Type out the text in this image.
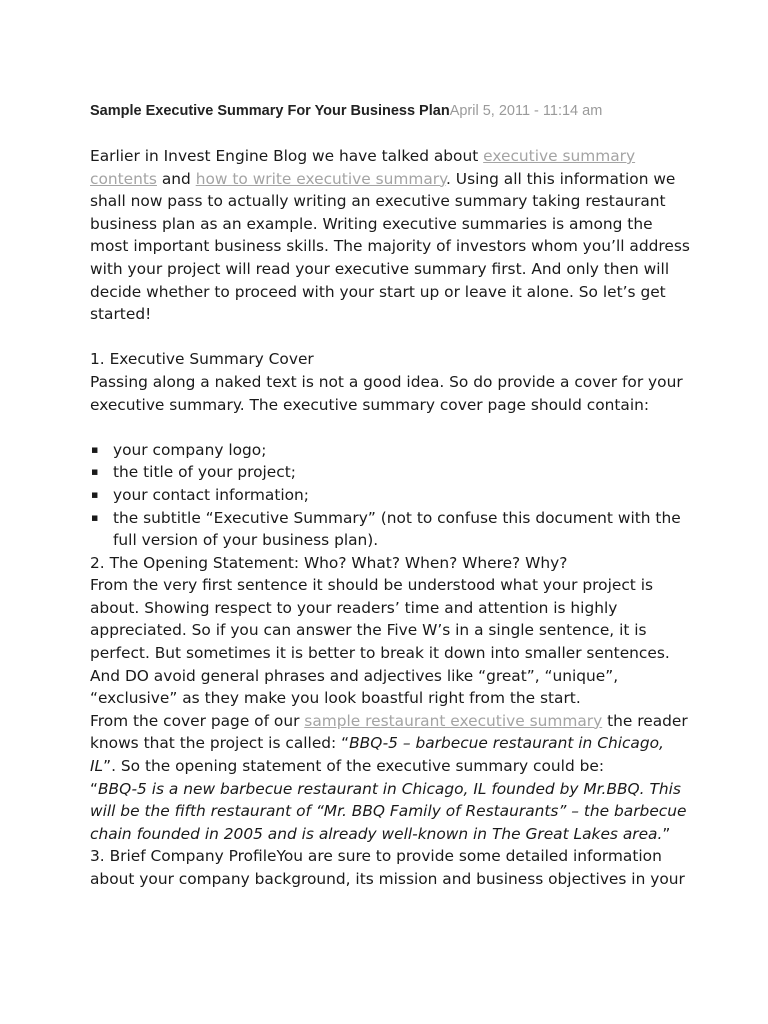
Sample Executive Summary For Your Business PlanApril 5, 2011 - 11:14 am

Earlier in Invest Engine Blog we have talked about executive summary contents and how to write executive summary. Using all this information we shall now pass to actually writing an executive summary taking restaurant business plan as an example. Writing executive summaries is among the most important business skills. The majority of investors whom you’ll address with your project will read your executive summary first. And only then will decide whether to proceed with your start up or leave it alone. So let’s get started!

1. Executive Summary Cover

Passing along a naked text is not a good idea. So do provide a cover for your executive summary. The executive summary cover page should contain:

▪ your company logo;
▪ the title of your project;
▪ your contact information;
▪ the subtitle “Executive Summary” (not to confuse this document with the full version of your business plan).

2. The Opening Statement: Who? What? When? Where? Why?

From the very first sentence it should be understood what your project is about. Showing respect to your readers’ time and attention is highly appreciated. So if you can answer the Five W’s in a single sentence, it is perfect. But sometimes it is better to break it down into smaller sentences. And DO avoid general phrases and adjectives like “great”, “unique”, “exclusive” as they make you look boastful right from the start.

From the cover page of our sample restaurant executive summary the reader knows that the project is called: “BBQ-5 – barbecue restaurant in Chicago, IL”. So the opening statement of the executive summary could be:

“BBQ-5 is a new barbecue restaurant in Chicago, IL founded by Mr.BBQ. This will be the fifth restaurant of “Mr. BBQ Family of Restaurants” – the barbecue chain founded in 2005 and is already well-known in The Great Lakes area.”

3. Brief Company ProfileYou are sure to provide some detailed information about your company background, its mission and business objectives in your
